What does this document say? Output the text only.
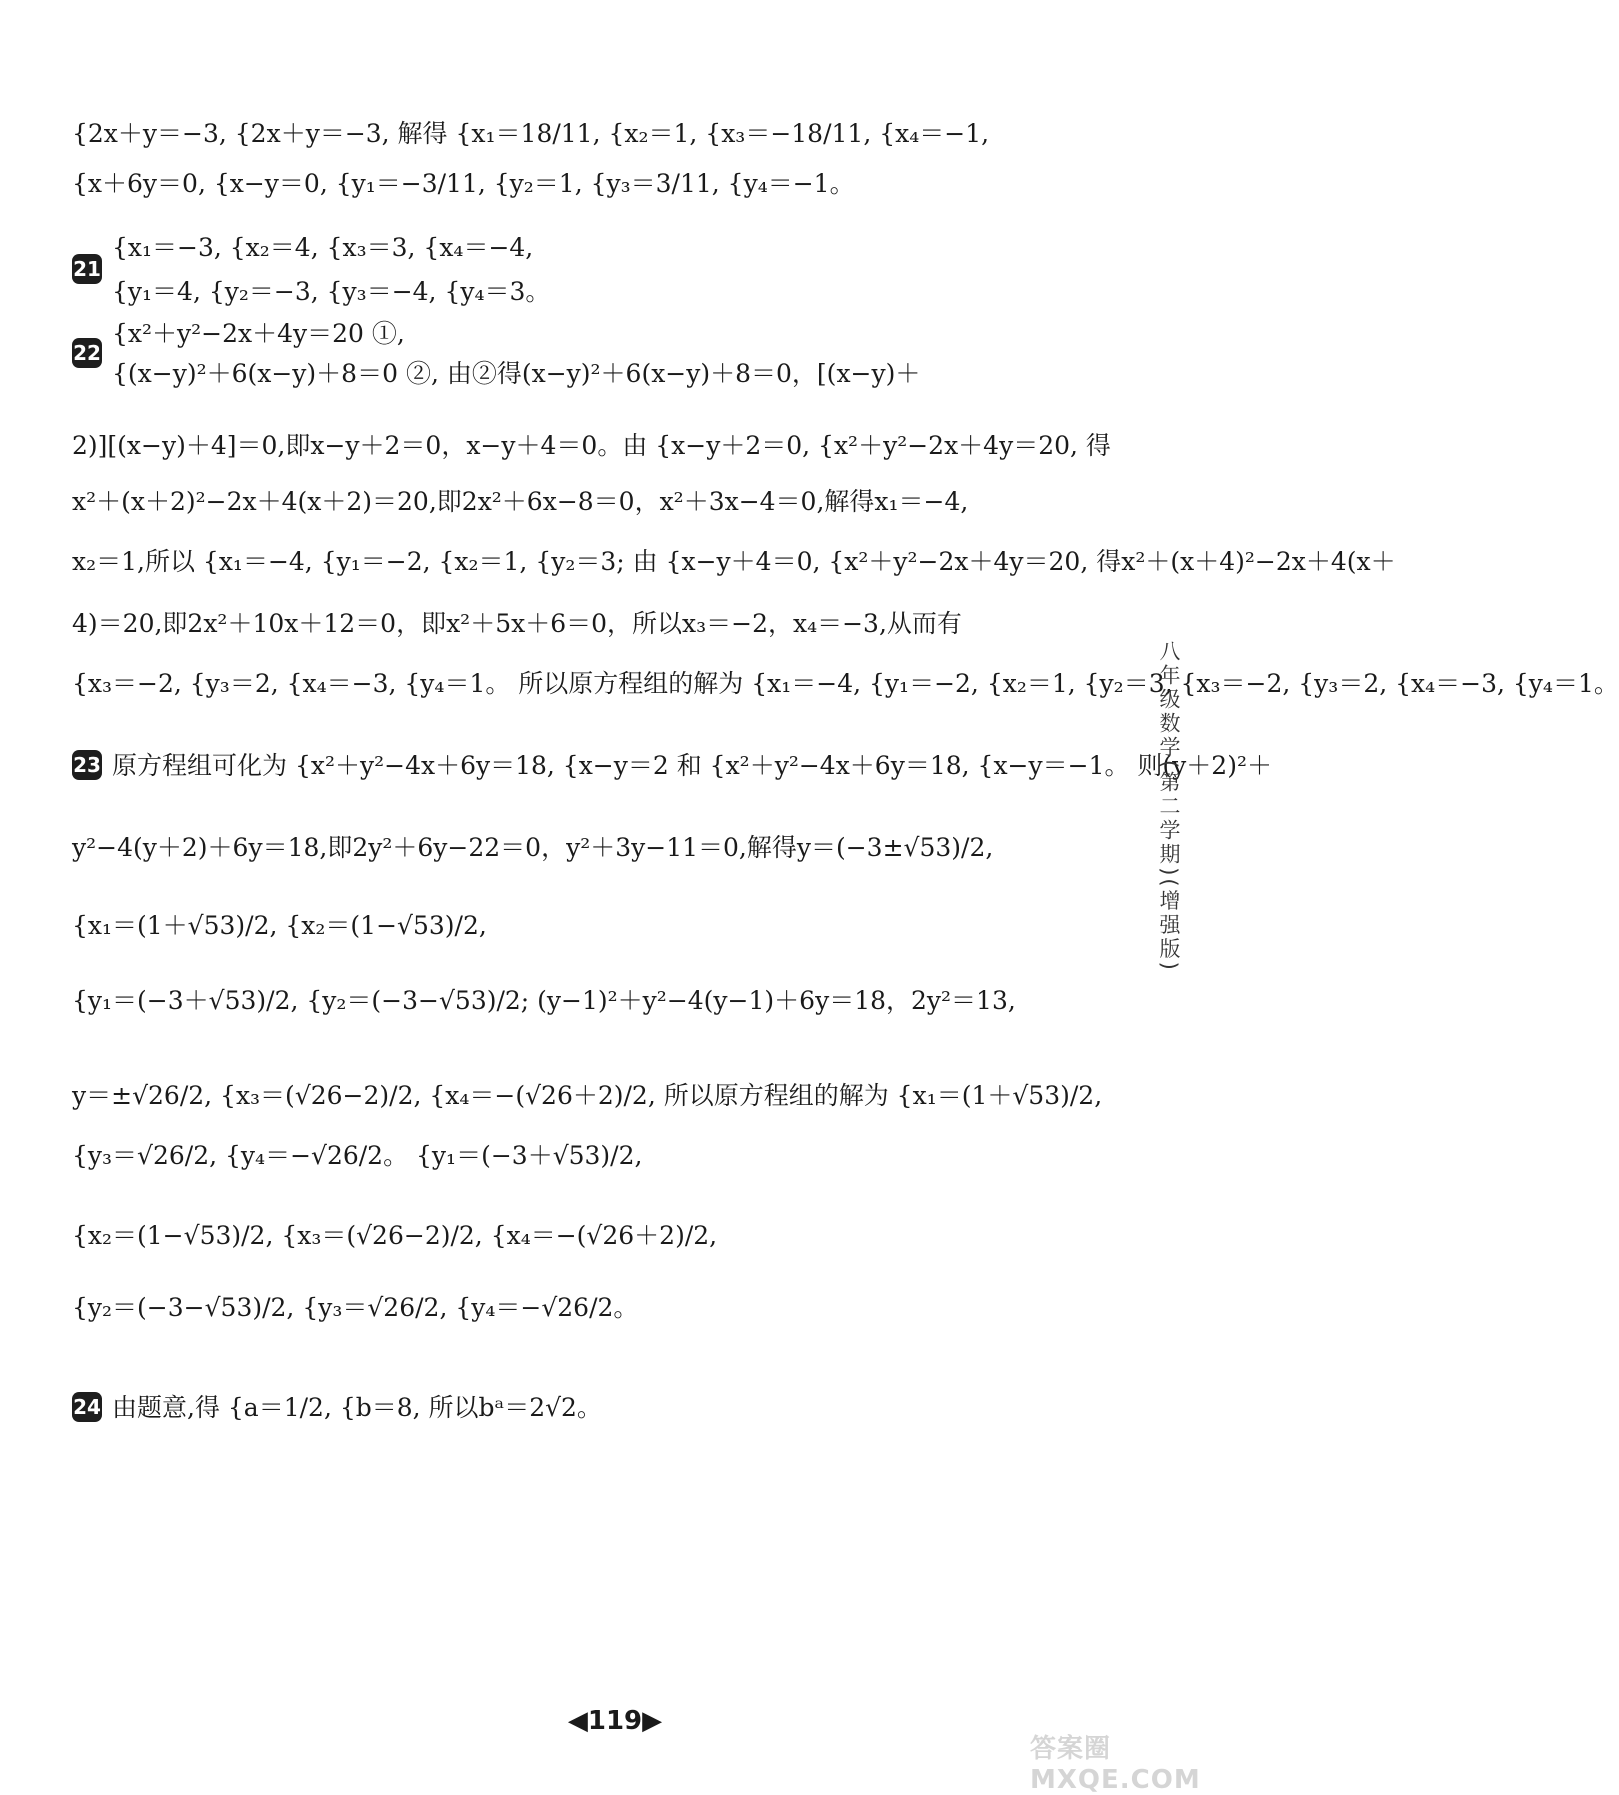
{2x＋y＝−3, {2x＋y＝−3, 解得 {x₁＝18/11, {x₂＝1, {x₃＝−18/11, {x₄＝−1,
{x＋6y＝0, {x−y＝0, {y₁＝−3/11, {y₂＝1, {y₃＝3/11, {y₄＝−1。
21
{x₁＝−3, {x₂＝4, {x₃＝3, {x₄＝−4,
{y₁＝4, {y₂＝−3, {y₃＝−4, {y₄＝3。
22
{x²＋y²−2x＋4y＝20 ①,
{(x−y)²＋6(x−y)＋8＝0 ②, 由②得(x−y)²＋6(x−y)＋8＝0，[(x−y)＋
2)][(x−y)＋4]＝0,即x−y＋2＝0，x−y＋4＝0。由 {x−y＋2＝0, {x²＋y²−2x＋4y＝20, 得
x²＋(x＋2)²−2x＋4(x＋2)＝20,即2x²＋6x−8＝0，x²＋3x−4＝0,解得x₁＝−4,
x₂＝1,所以 {x₁＝−4, {y₁＝−2, {x₂＝1, {y₂＝3; 由 {x−y＋4＝0, {x²＋y²−2x＋4y＝20, 得x²＋(x＋4)²−2x＋4(x＋
4)＝20,即2x²＋10x＋12＝0，即x²＋5x＋6＝0，所以x₃＝−2，x₄＝−3,从而有
{x₃＝−2, {y₃＝2, {x₄＝−3, {y₄＝1。 所以原方程组的解为 {x₁＝−4, {y₁＝−2, {x₂＝1, {y₂＝3, {x₃＝−2, {y₃＝2, {x₄＝−3, {y₄＝1。
23 原方程组可化为 {x²＋y²−4x＋6y＝18, {x−y＝2 和 {x²＋y²−4x＋6y＝18, {x−y＝−1。 则(y＋2)²＋
y²−4(y＋2)＋6y＝18,即2y²＋6y−22＝0，y²＋3y−11＝0,解得y＝(−3±√53)/2,
{x₁＝(1＋√53)/2, {x₂＝(1−√53)/2,
{y₁＝(−3＋√53)/2, {y₂＝(−3−√53)/2; (y−1)²＋y²−4(y−1)＋6y＝18，2y²＝13,
y＝±√26/2, {x₃＝(√26−2)/2, {x₄＝−(√26＋2)/2, 所以原方程组的解为 {x₁＝(1＋√53)/2,
{y₃＝√26/2, {y₄＝−√26/2。 {y₁＝(−3＋√53)/2,
{x₂＝(1−√53)/2, {x₃＝(√26−2)/2, {x₄＝−(√26＋2)/2,
{y₂＝(−3−√53)/2, {y₃＝√26/2, {y₄＝−√26/2。
24 由题意,得 {a＝1/2, {b＝8, 所以bᵃ＝2√2。
八年级数学(第二学期)(增强版)
◀119▶
答案圈 MXQE.COM
